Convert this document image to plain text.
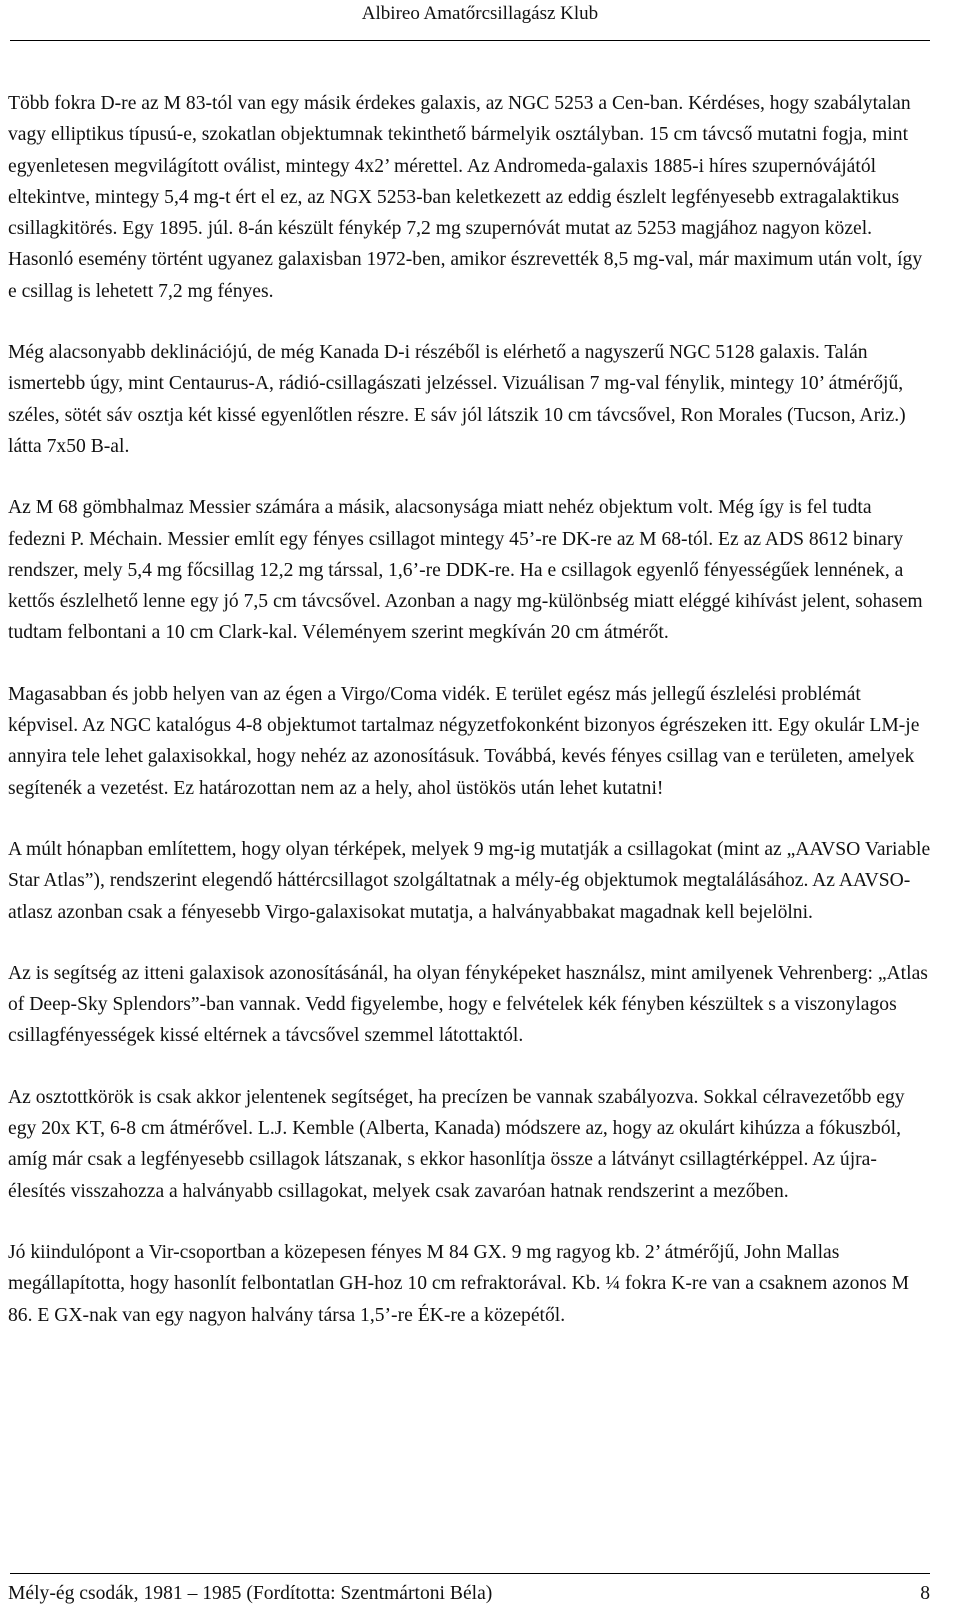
Albireo Amatőrcsillagász Klub

Több fokra D-re az M 83-tól van egy másik érdekes galaxis, az NGC 5253 a Cen-ban. Kérdéses, hogy szabálytalan vagy elliptikus típusú-e, szokatlan objektumnak tekinthető bármelyik osztályban. 15 cm távcső mutatni fogja, mint egyenletesen megvilágított oválist, mintegy 4x2’ mérettel. Az Andromeda-galaxis 1885-i híres szupernóvájától eltekintve, mintegy 5,4 mg-t ért el ez, az NGX 5253-ban keletkezett az eddig észlelt legfényesebb extragalaktikus csillagkitörés. Egy 1895. júl. 8-án készült fénykép 7,2 mg szupernóvát mutat az 5253 magjához nagyon közel. Hasonló esemény történt ugyanez galaxisban 1972-ben, amikor észrevették 8,5 mg-val, már maximum után volt, így e csillag is lehetett 7,2 mg fényes.

Még alacsonyabb deklinációjú, de még Kanada D-i részéből is elérhető a nagyszerű NGC 5128 galaxis. Talán ismertebb úgy, mint Centaurus-A, rádió-csillagászati jelzéssel. Vizuálisan 7 mg-val fénylik, mintegy 10’ átmérőjű, széles, sötét sáv osztja két kissé egyenlőtlen részre. E sáv jól látszik 10 cm távcsővel, Ron Morales (Tucson, Ariz.) látta 7x50 B-al.

Az M 68 gömbhalmaz Messier számára a másik, alacsonysága miatt nehéz objektum volt. Még így is fel tudta fedezni P. Méchain. Messier említ egy fényes csillagot mintegy 45’-re DK-re az M 68-tól. Ez az ADS 8612 binary rendszer, mely 5,4 mg főcsillag 12,2 mg társsal, 1,6’-re DDK-re. Ha e csillagok egyenlő fényességűek lennének, a kettős észlelhető lenne egy jó 7,5 cm távcsővel. Azonban a nagy mg-különbség miatt eléggé kihívást jelent, sohasem tudtam felbontani a 10 cm Clark-kal. Véleményem szerint megkíván 20 cm átmérőt.

Magasabban és jobb helyen van az égen a Virgo/Coma vidék. E terület egész más jellegű észlelési problémát képvisel. Az NGC katalógus 4-8 objektumot tartalmaz négyzetfokonként bizonyos égrészeken itt. Egy okulár LM-je annyira tele lehet galaxisokkal, hogy nehéz az azonosításuk. Továbbá, kevés fényes csillag van e területen, amelyek segítenék a vezetést. Ez határozottan nem az a hely, ahol üstökös után lehet kutatni!

A múlt hónapban említettem, hogy olyan térképek, melyek 9 mg-ig mutatják a csillagokat (mint az „AAVSO Variable Star Atlas”), rendszerint elegendő háttércsillagot szolgáltatnak a mély-ég objektumok megtalálásához. Az AAVSO-atlasz azonban csak a fényesebb Virgo-galaxisokat mutatja, a halványabbakat magadnak kell bejelölni.

Az is segítség az itteni galaxisok azonosításánál, ha olyan fényképeket használsz, mint amilyenek Vehrenberg: „Atlas of Deep-Sky Splendors”-ban vannak. Vedd figyelembe, hogy e felvételek kék fényben készültek s a viszonylagos csillagfényességek kissé eltérnek a távcsővel szemmel látottaktól.

Az osztottkörök is csak akkor jelentenek segítséget, ha precízen be vannak szabályozva. Sokkal célravezetőbb egy egy 20x KT, 6-8 cm átmérővel. L.J. Kemble (Alberta, Kanada) módszere az, hogy az okulárt kihúzza a fókuszból, amíg már csak a legfényesebb csillagok látszanak, s ekkor hasonlítja össze a látványt csillagtérképpel. Az újra-élesítés visszahozza a halványabb csillagokat, melyek csak zavaróan hatnak rendszerint a mezőben.

Jó kiindulópont a Vir-csoportban a közepesen fényes M 84 GX. 9 mg ragyog kb. 2’ átmérőjű, John Mallas megállapította, hogy hasonlít felbontatlan GH-hoz 10 cm refraktorával. Kb. ¼ fokra K-re van a csaknem azonos M 86. E GX-nak van egy nagyon halvány társa 1,5’-re ÉK-re a közepétől.

Mély-ég csodák, 1981 – 1985 (Fordította: Szentmártoni Béla)	8
